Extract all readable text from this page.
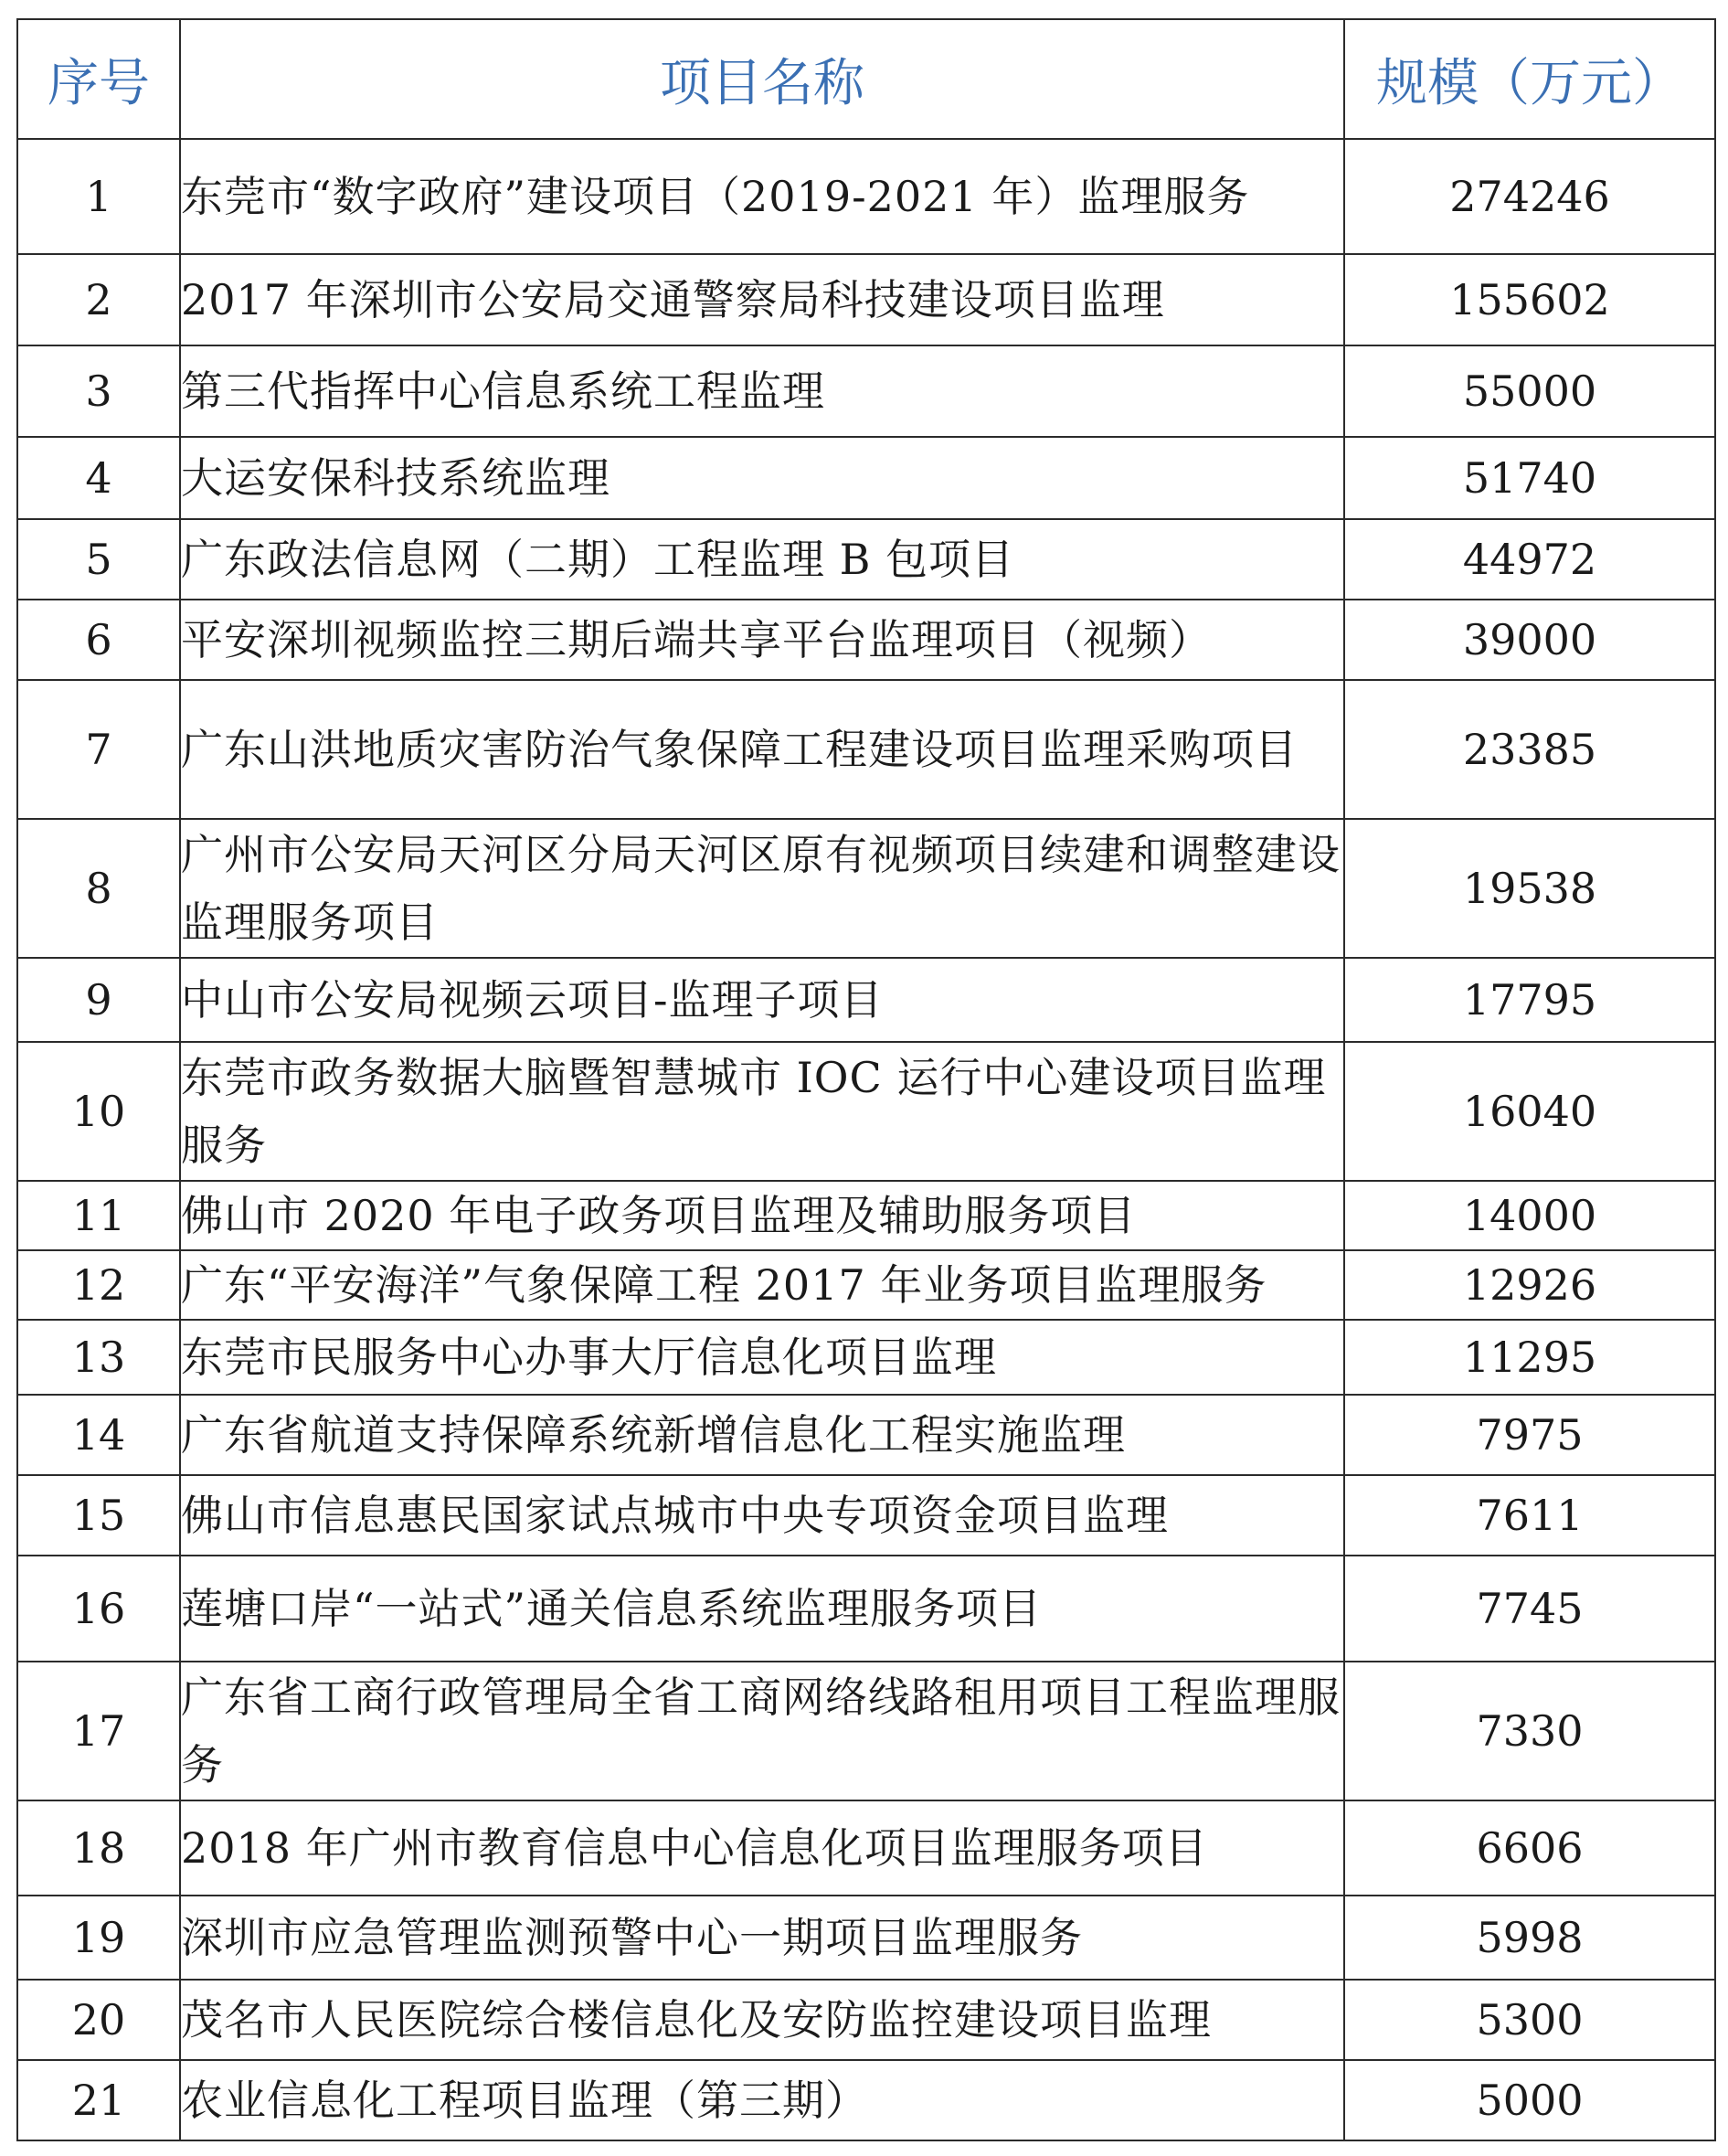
序号	项目名称	规模（万元）
1	东莞市“数字政府”建设项目（2019-2021 年）监理服务	274246
2	2017 年深圳市公安局交通警察局科技建设项目监理	155602
3	第三代指挥中心信息系统工程监理	55000
4	大运安保科技系统监理	51740
5	广东政法信息网（二期）工程监理 B 包项目	44972
6	平安深圳视频监控三期后端共享平台监理项目（视频）	39000
7	广东山洪地质灾害防治气象保障工程建设项目监理采购项目	23385
8	广州市公安局天河区分局天河区原有视频项目续建和调整建设监理服务项目	19538
9	中山市公安局视频云项目-监理子项目	17795
10	东莞市政务数据大脑暨智慧城市 IOC 运行中心建设项目监理服务	16040
11	佛山市 2020 年电子政务项目监理及辅助服务项目	14000
12	广东“平安海洋”气象保障工程 2017 年业务项目监理服务	12926
13	东莞市民服务中心办事大厅信息化项目监理	11295
14	广东省航道支持保障系统新增信息化工程实施监理	7975
15	佛山市信息惠民国家试点城市中央专项资金项目监理	7611
16	莲塘口岸“一站式”通关信息系统监理服务项目	7745
17	广东省工商行政管理局全省工商网络线路租用项目工程监理服务	7330
18	2018 年广州市教育信息中心信息化项目监理服务项目	6606
19	深圳市应急管理监测预警中心一期项目监理服务	5998
20	茂名市人民医院综合楼信息化及安防监控建设项目监理	5300
21	农业信息化工程项目监理（第三期）	5000
